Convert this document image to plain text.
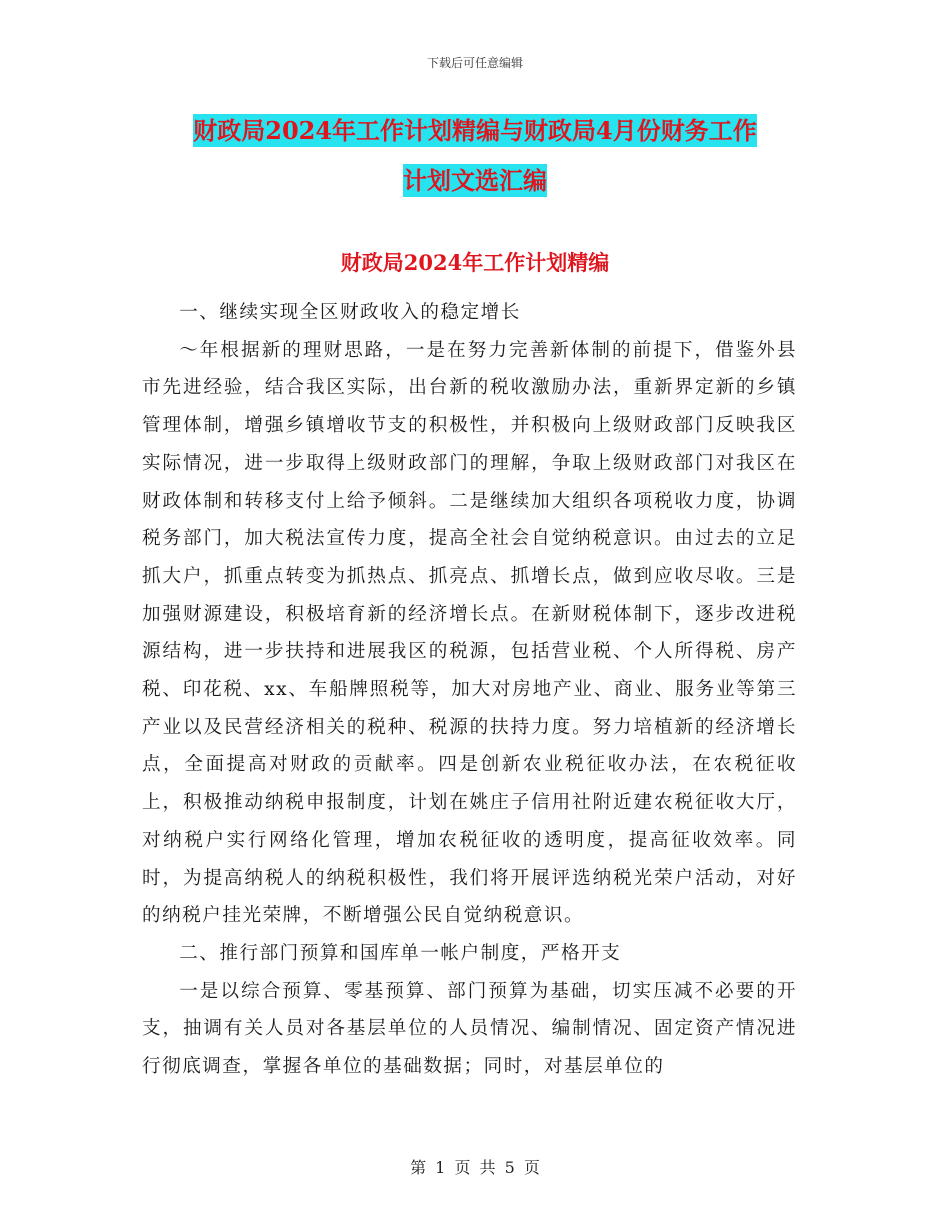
下载后可任意编辑
财政局2024年工作计划精编与财政局4月份财务工作
计划文选汇编
财政局2024年工作计划精编

一、继续实现全区财政收入的稳定增长

～年根据新的理财思路，一是在努力完善新体制的前提下，借鉴外县市先进经验，结合我区实际，出台新的税收激励办法，重新界定新的乡镇管理体制，增强乡镇增收节支的积极性，并积极向上级财政部门反映我区实际情况，进一步取得上级财政部门的理解，争取上级财政部门对我区在财政体制和转移支付上给予倾斜。二是继续加大组织各项税收力度，协调税务部门，加大税法宣传力度，提高全社会自觉纳税意识。由过去的立足抓大户，抓重点转变为抓热点、抓亮点、抓增长点，做到应收尽收。三是加强财源建设，积极培育新的经济增长点。在新财税体制下，逐步改进税源结构，进一步扶持和进展我区的税源，包括营业税、个人所得税、房产税、印花税、xx、车船牌照税等，加大对房地产业、商业、服务业等第三产业以及民营经济相关的税种、税源的扶持力度。努力培植新的经济增长点，全面提高对财政的贡献率。四是创新农业税征收办法，在农税征收上，积极推动纳税申报制度，计划在姚庄子信用社附近建农税征收大厅，对纳税户实行网络化管理，增加农税征收的透明度，提高征收效率。同时，为提高纳税人的纳税积极性，我们将开展评选纳税光荣户活动，对好的纳税户挂光荣牌，不断增强公民自觉纳税意识。

二、推行部门预算和国库单一帐户制度，严格开支

一是以综合预算、零基预算、部门预算为基础，切实压减不必要的开支，抽调有关人员对各基层单位的人员情况、编制情况、固定资产情况进行彻底调查，掌握各单位的基础数据；同时，对基层单位的

第 1 页 共 5 页
